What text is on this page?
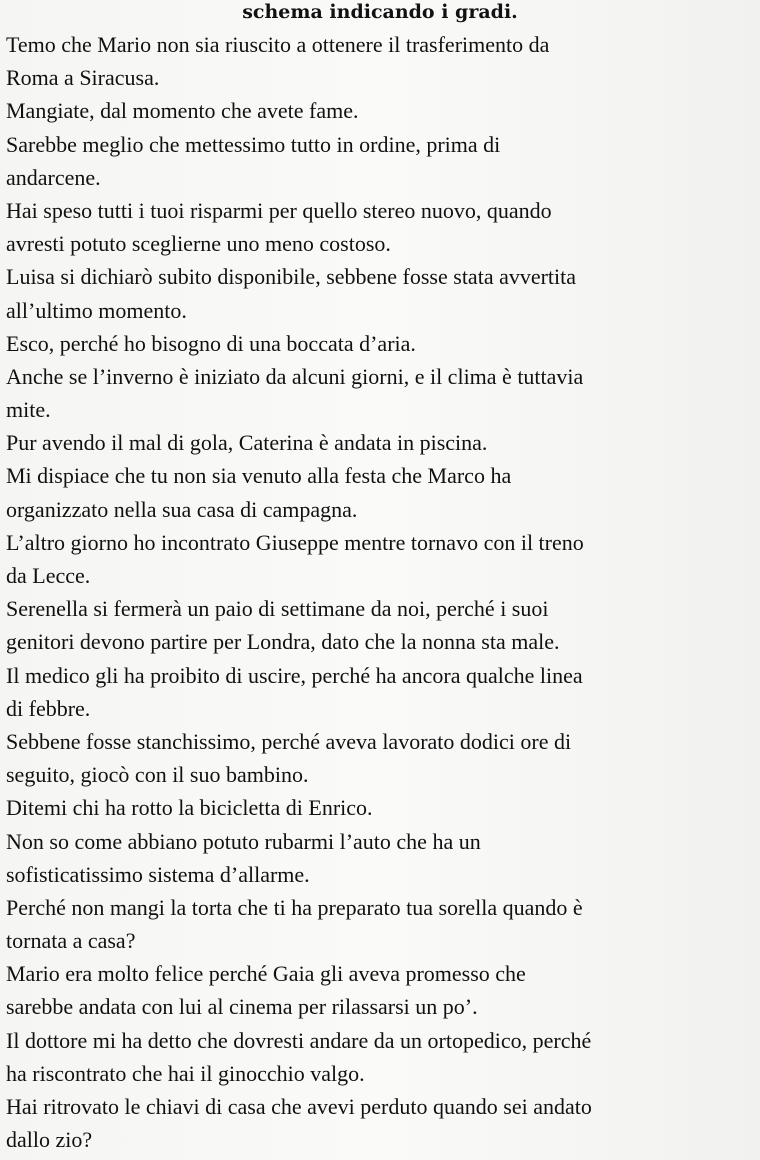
schema indicando i gradi.
Temo che Mario non sia riuscito a ottenere il trasferimento da
Roma a Siracusa.
Mangiate, dal momento che avete fame.
Sarebbe meglio che mettessimo tutto in ordine, prima di
andarcene.
Hai speso tutti i tuoi risparmi per quello stereo nuovo, quando
avresti potuto sceglierne uno meno costoso.
Luisa si dichiarò subito disponibile, sebbene fosse stata avvertita
all’ultimo momento.
Esco, perché ho bisogno di una boccata d’aria.
Anche se l’inverno è iniziato da alcuni giorni, e il clima è tuttavia
mite.
Pur avendo il mal di gola, Caterina è andata in piscina.
Mi dispiace che tu non sia venuto alla festa che Marco ha
organizzato nella sua casa di campagna.
L’altro giorno ho incontrato Giuseppe mentre tornavo con il treno
da Lecce.
Serenella si fermerà un paio di settimane da noi, perché i suoi
genitori devono partire per Londra, dato che la nonna sta male.
Il medico gli ha proibito di uscire, perché ha ancora qualche linea
di febbre.
Sebbene fosse stanchissimo, perché aveva lavorato dodici ore di
seguito, giocò con il suo bambino.
Ditemi chi ha rotto la bicicletta di Enrico.
Non so come abbiano potuto rubarmi l’auto che ha un
sofisticatissimo sistema d’allarme.
Perché non mangi la torta che ti ha preparato tua sorella quando è
tornata a casa?
Mario era molto felice perché Gaia gli aveva promesso che
sarebbe andata con lui al cinema per rilassarsi un po’.
Il dottore mi ha detto che dovresti andare da un ortopedico, perché
ha riscontrato che hai il ginocchio valgo.
Hai ritrovato le chiavi di casa che avevi perduto quando sei andato
dallo zio?
